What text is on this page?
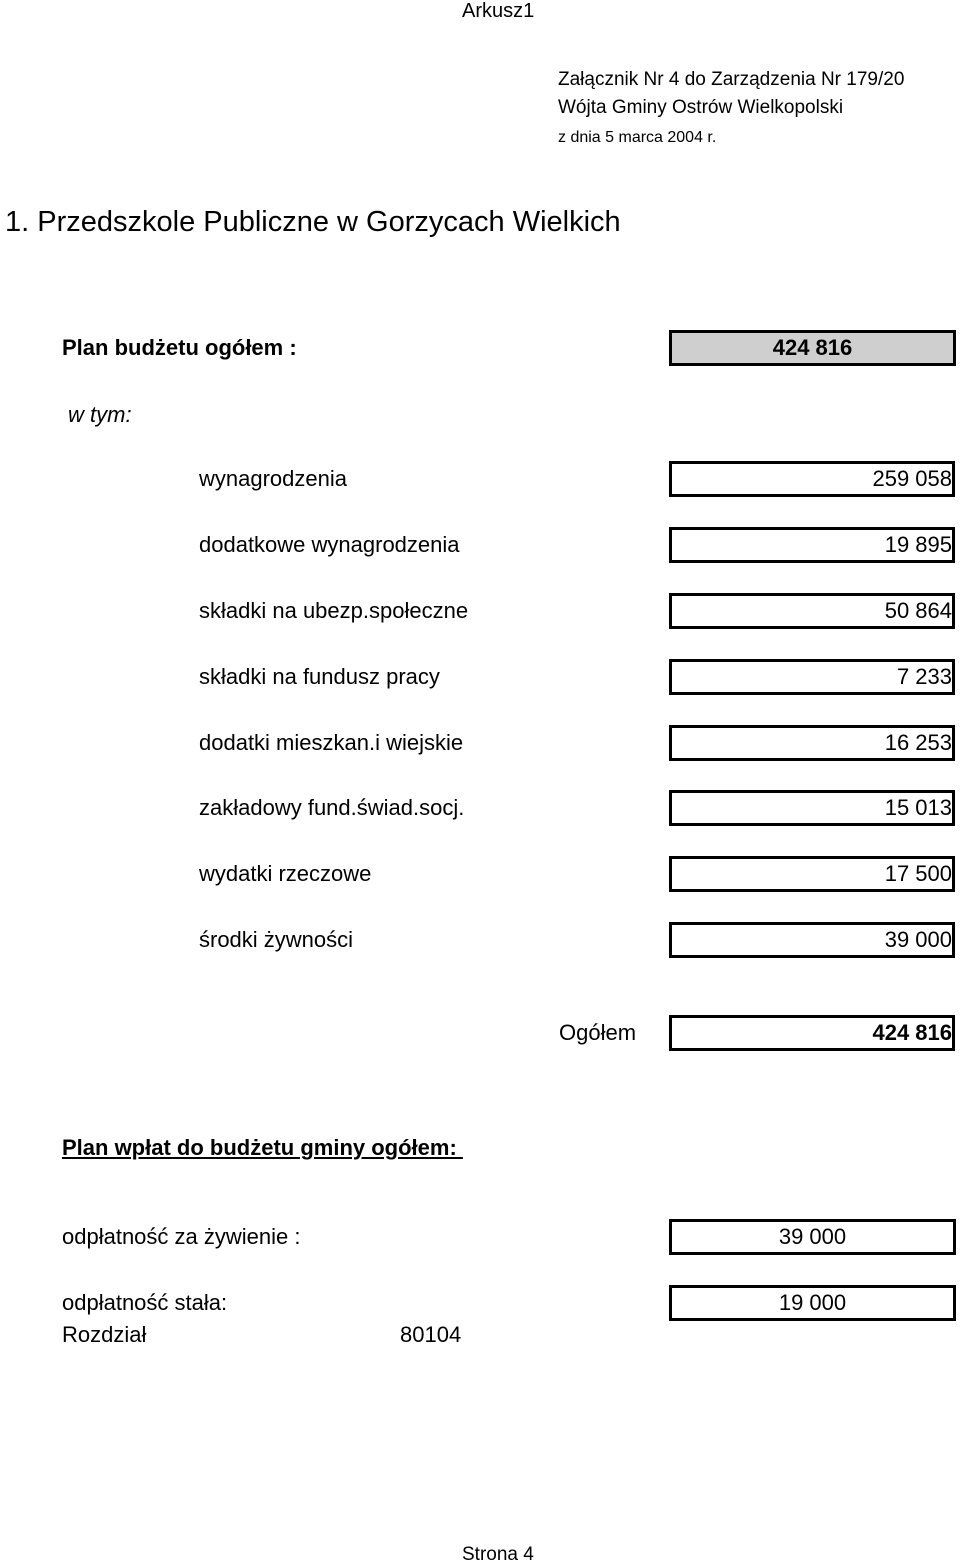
Arkusz1
Załącznik Nr 4 do Zarządzenia Nr 179/20
Wójta Gminy Ostrów Wielkopolski
z dnia 5 marca 2004 r.
1. Przedszkole Publiczne w Gorzycach Wielkich
Plan budżetu ogółem :	424 816
w tym:
wynagrodzenia	259 058
dodatkowe wynagrodzenia	19 895
składki na ubezp.społeczne	50 864
składki na fundusz pracy	7 233
dodatki mieszkan.i wiejskie	16 253
zakładowy fund.świad.socj.	15 013
wydatki rzeczowe	17 500
środki żywności	39 000
Ogółem	424 816
Plan wpłat do budżetu gminy ogółem:
odpłatność za żywienie :	39 000
odpłatność stała:	19 000
Rozdział	80104
Strona 4
